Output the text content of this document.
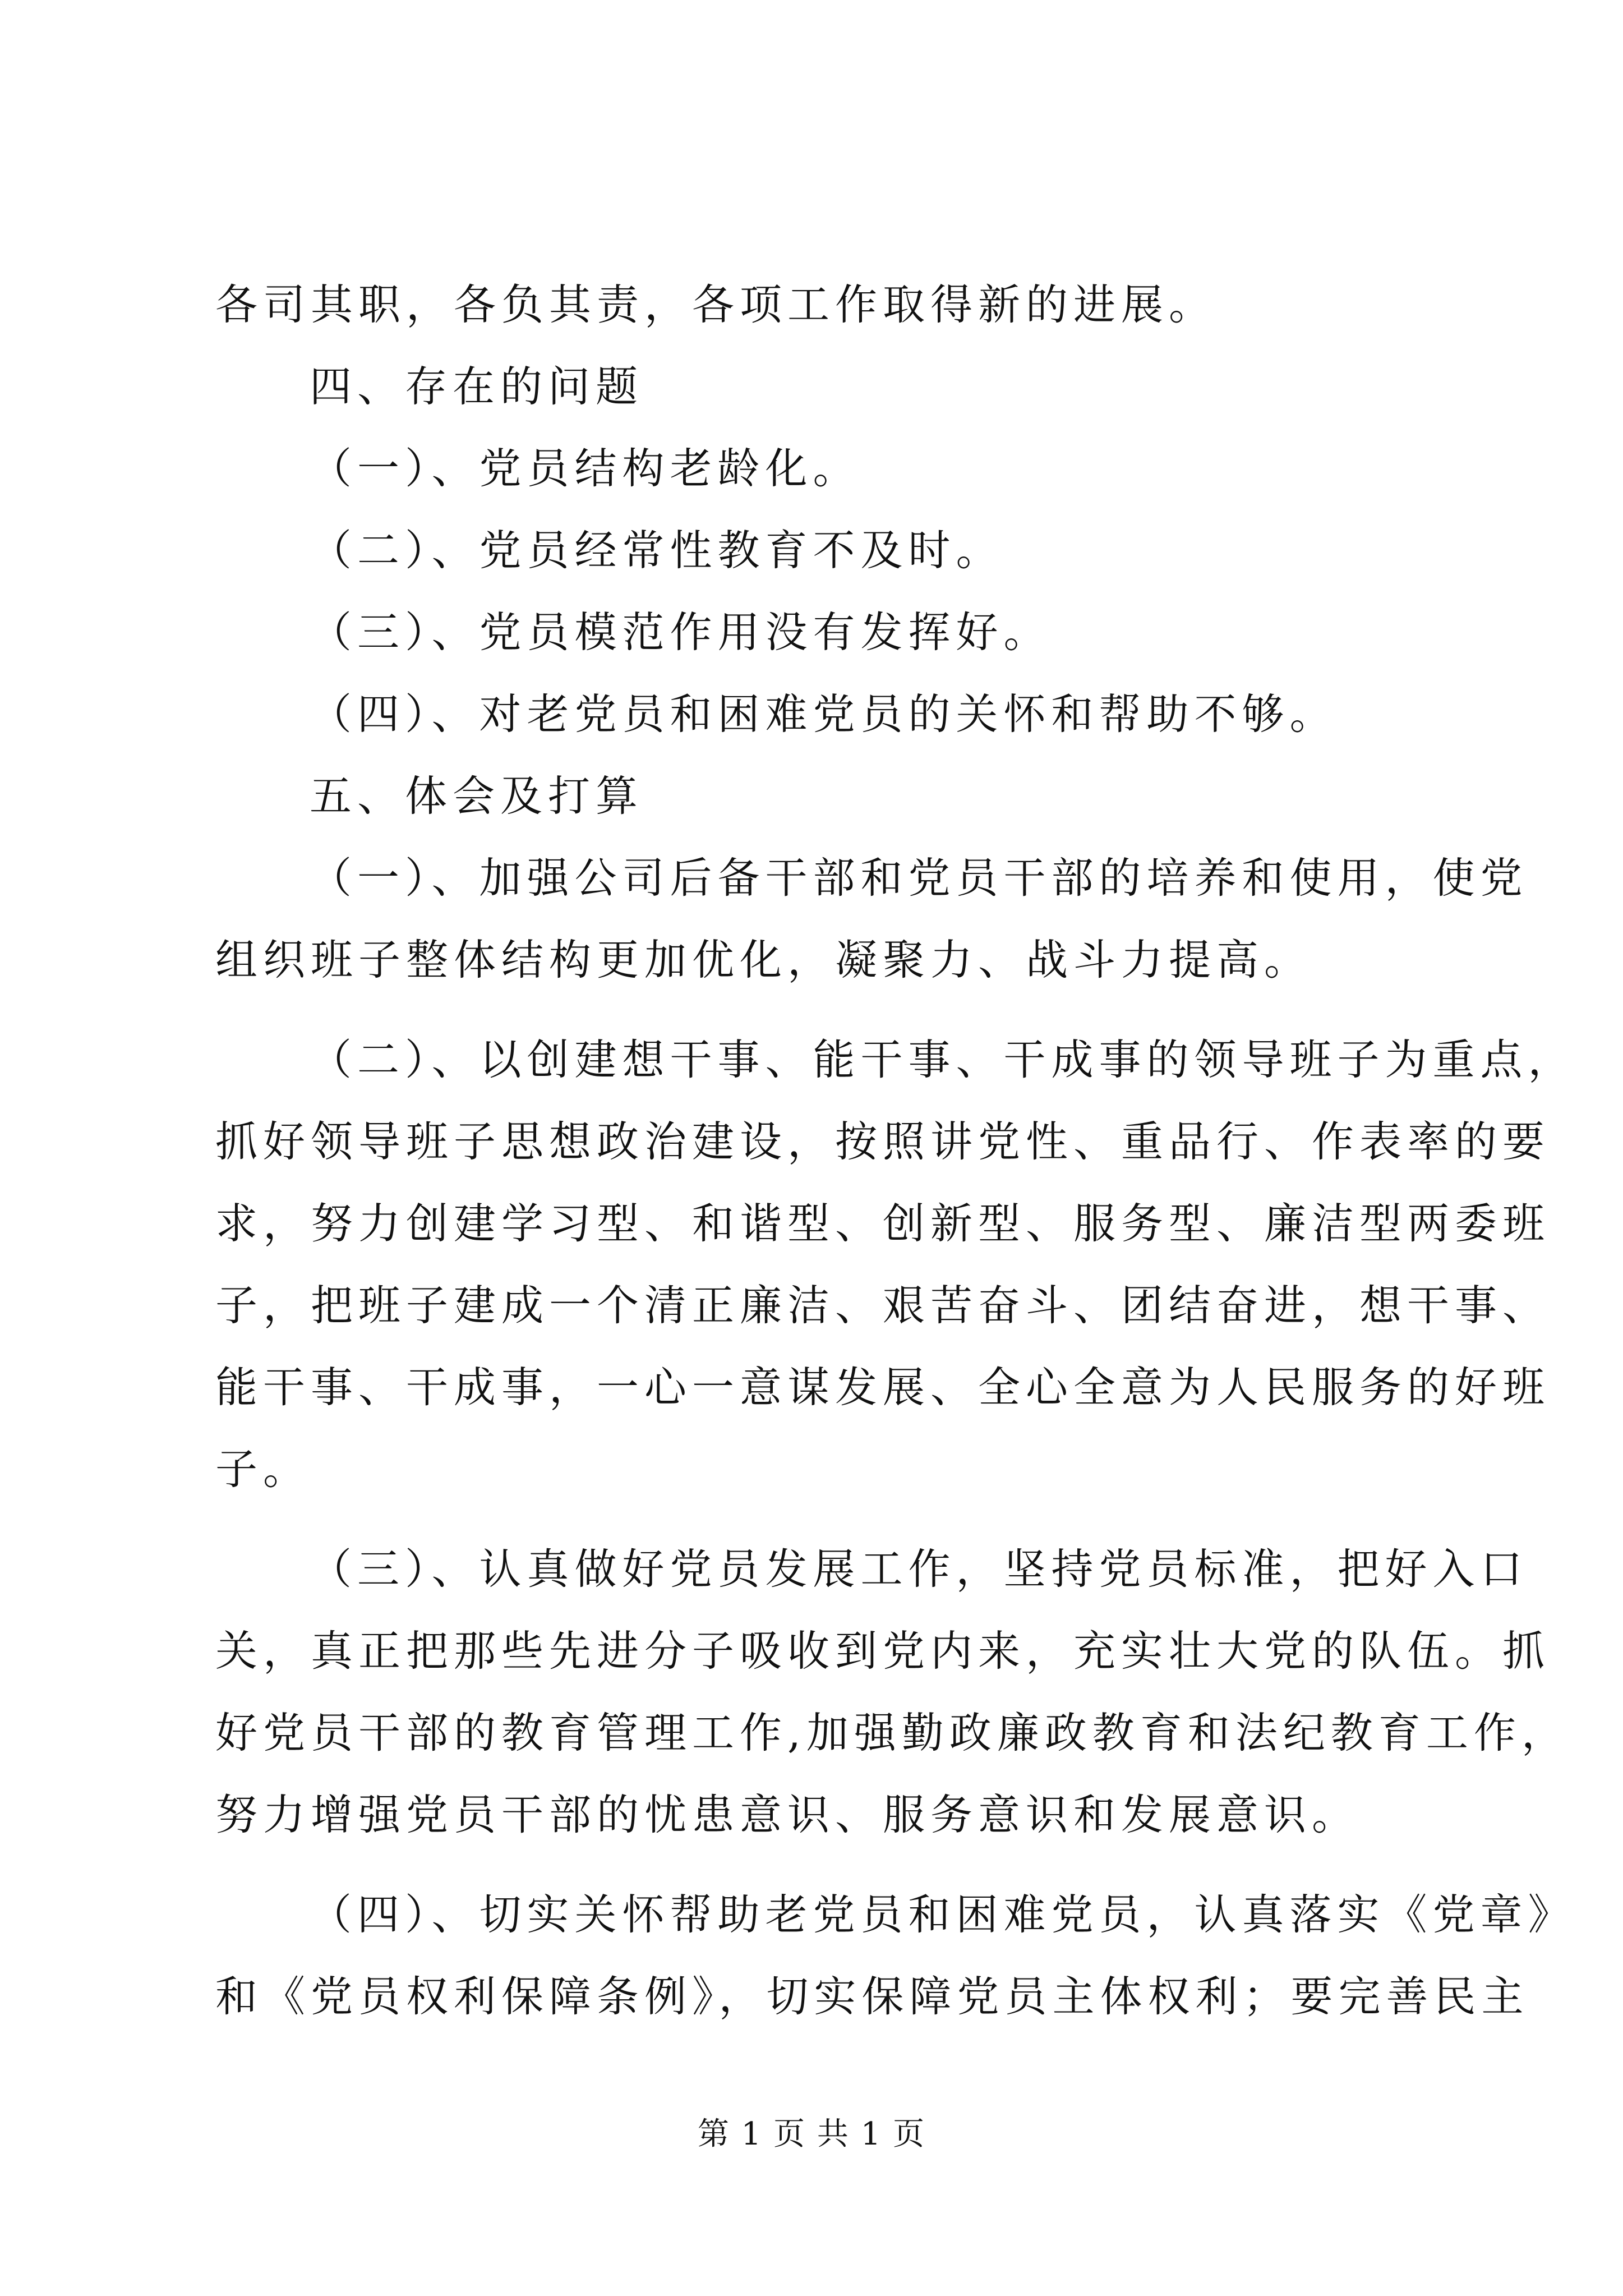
各司其职，各负其责，各项工作取得新的进展。
四、存在的问题
（一）、党员结构老龄化。
（二）、党员经常性教育不及时。
（三）、党员模范作用没有发挥好。
（四）、对老党员和困难党员的关怀和帮助不够。
五、体会及打算
（一）、加强公司后备干部和党员干部的培养和使用，使党
组织班子整体结构更加优化，凝聚力、战斗力提高。
（二）、以创建想干事、能干事、干成事的领导班子为重点，
抓好领导班子思想政治建设，按照讲党性、重品行、作表率的要
求，努力创建学习型、和谐型、创新型、服务型、廉洁型两委班
子，把班子建成一个清正廉洁、艰苦奋斗、团结奋进，想干事、
能干事、干成事，一心一意谋发展、全心全意为人民服务的好班
子。
（三）、认真做好党员发展工作，坚持党员标准，把好入口
关，真正把那些先进分子吸收到党内来，充实壮大党的队伍。抓
好党员干部的教育管理工作,加强勤政廉政教育和法纪教育工作，
努力增强党员干部的忧患意识、服务意识和发展意识。
（四）、切实关怀帮助老党员和困难党员，认真落实《党章》
和《党员权利保障条例》，切实保障党员主体权利；要完善民主
第 1 页 共 1 页
